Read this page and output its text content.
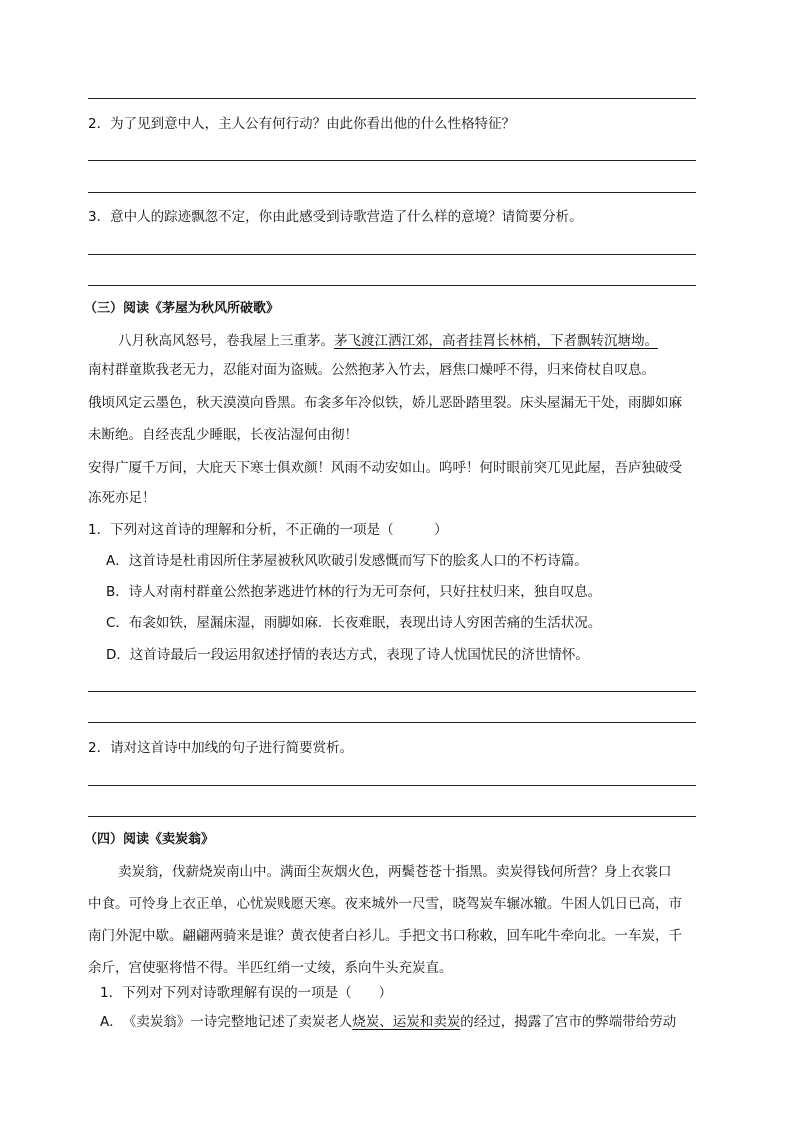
2．为了见到意中人，主人公有何行动？由此你看出他的什么性格特征？
3．意中人的踪迹飘忽不定，你由此感受到诗歌营造了什么样的意境？请简要分析。
（三）阅读《茅屋为秋风所破歌》
八月秋高风怒号，卷我屋上三重茅。茅飞渡江洒江郊，高者挂罥长林梢，下者飘转沉塘坳。
南村群童欺我老无力，忍能对面为盗贼。公然抱茅入竹去，唇焦口燥呼不得，归来倚杖自叹息。
俄顷风定云墨色，秋天漠漠向昏黑。布衾多年冷似铁，娇儿恶卧踏里裂。床头屋漏无干处，雨脚如麻
未断绝。自经丧乱少睡眠，长夜沾湿何由彻！
安得广厦千万间，大庇天下寒士俱欢颜！风雨不动安如山。呜呼！何时眼前突兀见此屋，吾庐独破受
冻死亦足！
1．下列对这首诗的理解和分析，不正确的一项是（　　　）
A．这首诗是杜甫因所住茅屋被秋风吹破引发感慨而写下的脍炙人口的不朽诗篇。
B．诗人对南村群童公然抱茅逃进竹林的行为无可奈何，只好拄杖归来，独自叹息。
C．布衾如铁，屋漏床湿，雨脚如麻．长夜难眠，表现出诗人穷困苦痛的生活状况。
D．这首诗最后一段运用叙述抒情的表达方式，表现了诗人忧国忧民的济世情怀。
2．请对这首诗中加线的句子进行简要赏析。
（四）阅读《卖炭翁》
卖炭翁，伐薪烧炭南山中。满面尘灰烟火色，两鬓苍苍十指黑。卖炭得钱何所营？身上衣裳口
中食。可怜身上衣正单，心忧炭贱愿天寒。夜来城外一尺雪，晓驾炭车辗冰辙。牛困人饥日已高，市
南门外泥中歇。翩翩两骑来是谁？黄衣使者白衫儿。手把文书口称敕，回车叱牛牵向北。一车炭，千
余斤，宫使驱将惜不得。半匹红绡一丈绫，系向牛头充炭直。
1．下列对下列对诗歌理解有误的一项是（　　）
A．　《卖炭翁》一诗完整地记述了卖炭老人烧炭、运炭和卖炭的经过，揭露了宫市的弊端带给劳动
